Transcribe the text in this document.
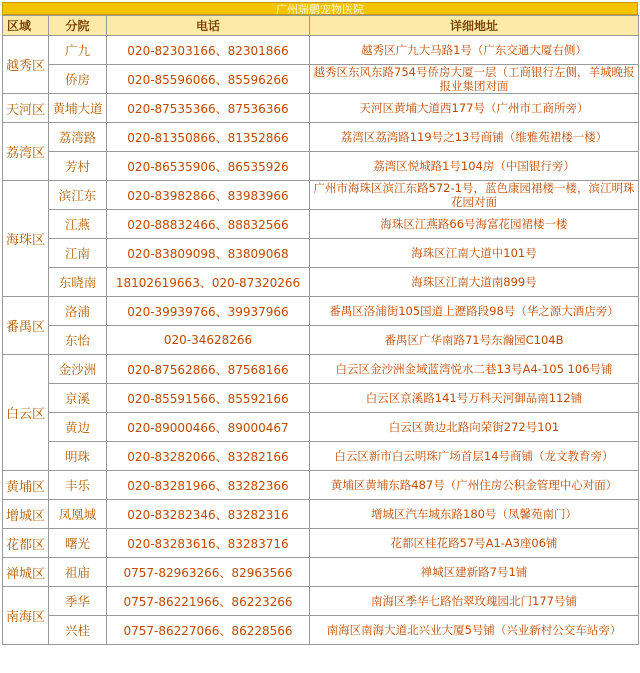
广州瑞鹏宠物医院
区域	分院	电话	详细地址
越秀区	广九	020-82303166、82301866	越秀区广九大马路1号（广东交通大厦右侧）
	侨房	020-85596066、85596266	越秀区东风东路754号侨房大厦一层（工商银行左侧，羊城晚报报业集团对面
天河区	黄埔大道	020-87535366、87536366	天河区黄埔大道西177号（广州市工商所旁）
荔湾区	荔湾路	020-81350866、81352866	荔湾区荔湾路119号之13号商铺（维雅苑裙楼一楼）
	芳村	020-86535906、86535926	荔湾区悦城路1号104房（中国银行旁）
海珠区	滨江东	020-83982866、83983966	广州市海珠区滨江东路572-1号，蓝色康园裙楼一楼，滨江明珠花园对面
	江燕	020-88832466、88832566	海珠区江燕路66号海富花园裙楼一楼
	江南	020-83809098、83809068	海珠区江南大道中101号
	东晓南	18102619663、020-87320266	海珠区江南大道南899号
番禺区	洛浦	020-39939766、39937966	番禺区洛浦街105国道上瀝路段98号（华之源大酒店旁）
	东怡	020-34628266	番禺区广华南路71号东瀚园C104B
白云区	金沙洲	020-87562866、87568166	白云区金沙洲金域蓝湾悦水二巷13号A4-105 106号铺
	京溪	020-85591566、85592166	白云区京溪路141号万科天河御品南112铺
	黄边	020-89000466、89000467	白云区黄边北路向荣街272号101
	明珠	020-83282066、83282166	白云区新市白云明珠广场首层14号商铺（龙文教育旁）
黄埔区	丰乐	020-83281966、83282366	黄埔区黄埔东路487号（广州住房公积金管理中心对面）
增城区	凤凰城	020-83282346、83282316	增城区汽车城东路180号（凤馨苑南门）
花都区	曙光	020-83283616、83283716	花都区桂花路57号A1-A3座06铺
禅城区	祖庙	0757-82963266、82963566	禅城区建新路7号1铺
南海区	季华	0757-86221966、86223266	南海区季华七路怡翠玫瑰园北门177号铺
	兴桂	0757-86227066、86228566	南海区南海大道北兴业大厦5号铺（兴业新村公交车站旁）
